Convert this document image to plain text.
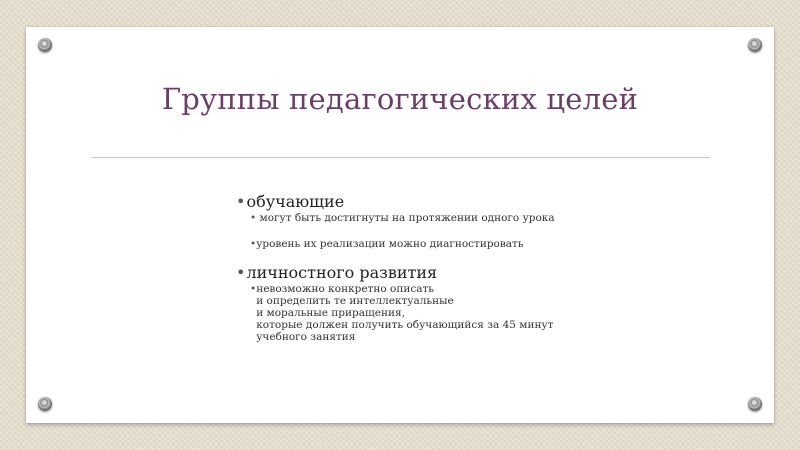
Группы педагогических целей

•обучающие

• могут быть достигнуты на протяжении одного урока

•уровень их реализации можно диагностировать

•личностного развития

• невозможно конкретно описать
и определить те интеллектуальные
и моральные приращения,
которые должен получить обучающийся за 45 минут
учебного занятия
